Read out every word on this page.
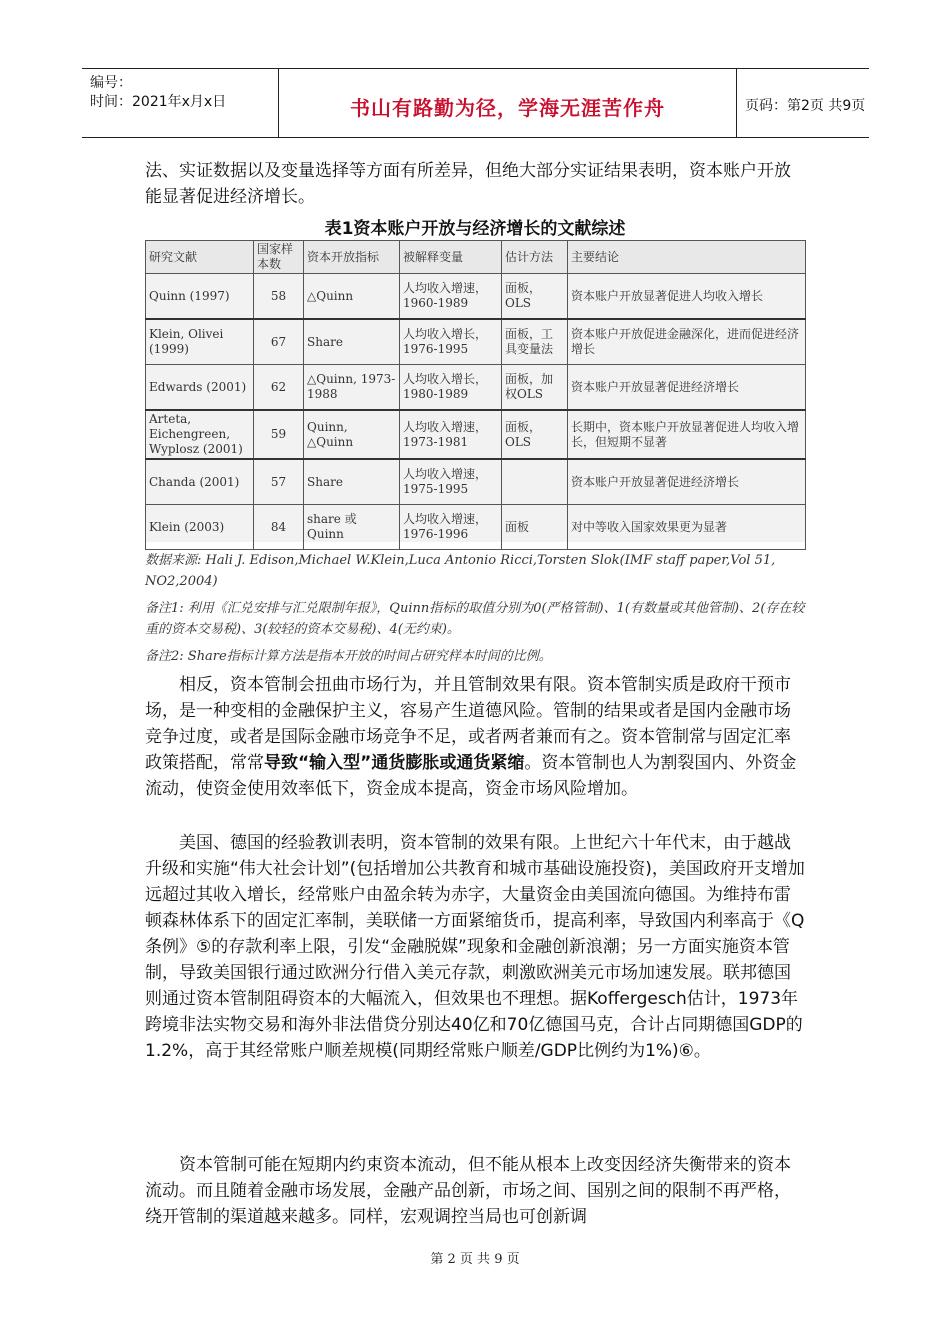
编号：
时间：2021年x月x日	书山有路勤为径，学海无涯苦作舟	页码：第2页 共9页

法、实证数据以及变量选择等方面有所差异，但绝大部分实证结果表明，资本账户开放能显著促进经济增长。

表1资本账户开放与经济增长的文献综述
研究文献	国家样本数	资本开放指标	被解释变量	估计方法	主要结论
Quinn (1997)	58	△Quinn	人均收入增速，1960-1989	面板，OLS	资本账户开放显著促进人均收入增长
Klein, Olivei (1999)	67	Share	人均收入增长，1976-1995	面板，工具变量法	资本账户开放促进金融深化，进而促进经济增长
Edwards (2001)	62	△Quinn, 1973-1988	人均收入增长，1980-1989	面板，加权OLS	资本账户开放显著促进经济增长
Arteta, Eichengreen, Wyplosz (2001)	59	Quinn, △Quinn	人均收入增速，1973-1981	面板，OLS	长期中，资本账户开放显著促进人均收入增长，但短期不显著
Chanda (2001)	57	Share	人均收入增速，1975-1995		资本账户开放显著促进经济增长
Klein (2003)	84	share 或 Quinn	人均收入增速，1976-1996	面板	对中等收入国家效果更为显著

数据来源: Hali J. Edison,Michael W.Klein,Luca Antonio Ricci,Torsten Slok(IMF staff paper,Vol 51, NO2,2004)

备注1: 利用《汇兑安排与汇兑限制年报》，Quinn指标的取值分别为0(严格管制)、1(有数量或其他管制)、2(存在较重的资本交易税)、3(较轻的资本交易税)、4(无约束)。

备注2: Share指标计算方法是指本开放的时间占研究样本时间的比例。

相反，资本管制会扭曲市场行为，并且管制效果有限。资本管制实质是政府干预市场，是一种变相的金融保护主义，容易产生道德风险。管制的结果或者是国内金融市场竞争过度，或者是国际金融市场竞争不足，或者两者兼而有之。资本管制常与固定汇率政策搭配，常常导致“输入型”通货膨胀或通货紧缩。资本管制也人为割裂国内、外资金流动，使资金使用效率低下，资金成本提高，资金市场风险增加。

美国、德国的经验教训表明，资本管制的效果有限。上世纪六十年代末，由于越战升级和实施“伟大社会计划”(包括增加公共教育和城市基础设施投资)，美国政府开支增加远超过其收入增长，经常账户由盈余转为赤字，大量资金由美国流向德国。为维持布雷顿森林体系下的固定汇率制，美联储一方面紧缩货币，提高利率，导致国内利率高于《Q条例》⑤的存款利率上限，引发“金融脱媒”现象和金融创新浪潮；另一方面实施资本管制，导致美国银行通过欧洲分行借入美元存款，刺激欧洲美元市场加速发展。联邦德国则通过资本管制阻碍资本的大幅流入，但效果也不理想。据Koffergesch估计，1973年跨境非法实物交易和海外非法借贷分别达40亿和70亿德国马克，合计占同期德国GDP的1.2%，高于其经常账户顺差规模(同期经常账户顺差/GDP比例约为1%)⑥。

资本管制可能在短期内约束资本流动，但不能从根本上改变因经济失衡带来的资本流动。而且随着金融市场发展，金融产品创新，市场之间、国别之间的限制不再严格，绕开管制的渠道越来越多。同样，宏观调控当局也可创新调

第 2 页 共 9 页
